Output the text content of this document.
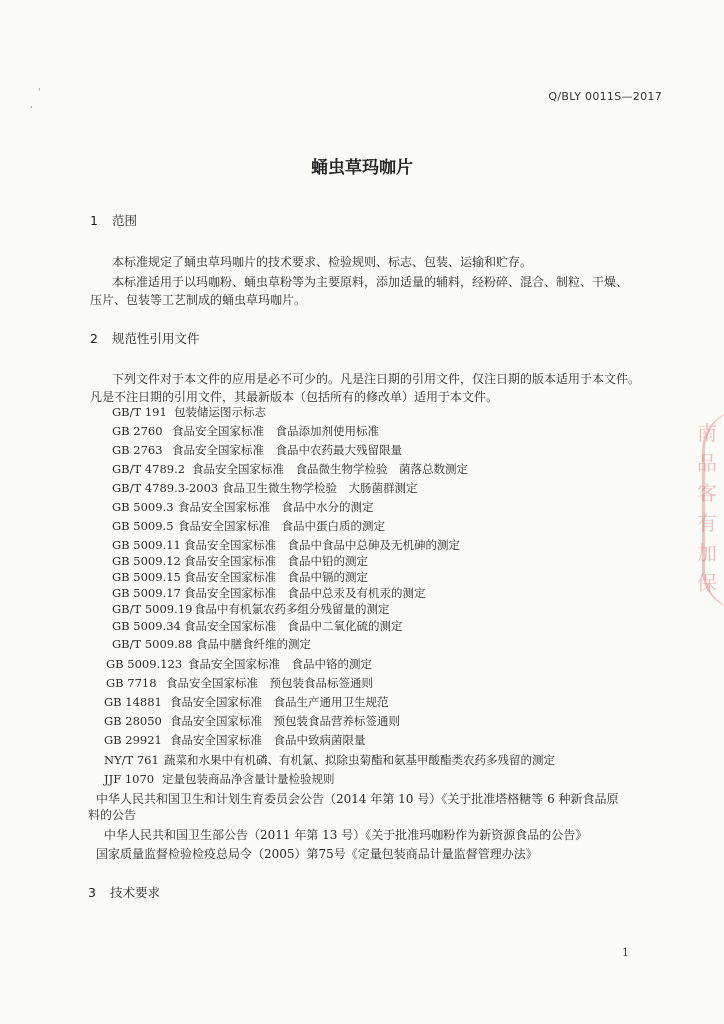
'
,
Q/BLY 0011S—2017
蛹虫草玛咖片
1 范围
本标准规定了蛹虫草玛咖片的技术要求、检验规则、标志、包装、运输和贮存。
本标准适用于以玛咖粉、蛹虫草粉等为主要原料，添加适量的辅料，经粉碎、混合、制粒、干燥、
压片、包装等工艺制成的蛹虫草玛咖片。
2 规范性引用文件
下列文件对于本文件的应用是必不可少的。凡是注日期的引用文件，仅注日期的版本适用于本文件。
凡是不注日期的引用文件，其最新版本（包括所有的修改单）适用于本文件。
GB/T 191 包装储运图示标志
GB 2760 食品安全国家标准　食品添加剂使用标准
GB 2763 食品安全国家标准　食品中农药最大残留限量
GB/T 4789.2 食品安全国家标准　食品微生物学检验　菌落总数测定
GB/T 4789.3-2003 食品卫生微生物学检验　大肠菌群测定
GB 5009.3 食品安全国家标准　食品中水分的测定
GB 5009.5 食品安全国家标准　食品中蛋白质的测定
GB 5009.11 食品安全国家标准　食品中食品中总砷及无机砷的测定
GB 5009.12 食品安全国家标准　食品中铅的测定
GB 5009.15 食品安全国家标准　食品中镉的测定
GB 5009.17 食品安全国家标准　食品中总汞及有机汞的测定
GB/T 5009.19 食品中有机氯农药多组分残留量的测定
GB 5009.34 食品安全国家标准　食品中二氧化硫的测定
GB/T 5009.88 食品中膳食纤维的测定
GB 5009.123 食品安全国家标准　食品中铬的测定
GB 7718 食品安全国家标准　预包装食品标签通则
GB 14881 食品安全国家标准　食品生产通用卫生规范
GB 28050 食品安全国家标准　预包装食品营养标签通则
GB 29921 食品安全国家标准　食品中致病菌限量
NY/T 761 蔬菜和水果中有机磷、有机氯、拟除虫菊酯和氨基甲酸酯类农药多残留的测定
JJF 1070 定量包装商品净含量计量检验规则
中华人民共和国卫生和计划生育委员会公告（2014 年第 10 号）《关于批准塔格糖等 6 种新食品原
料的公告
中华人民共和国卫生部公告（2011 年第 13 号）《关于批准玛咖粉作为新资源食品的公告》
国家质量监督检验检疫总局令（2005）第75号《定量包装商品计量监督管理办法》
3 技术要求
1
南
品
客
有
加
保
